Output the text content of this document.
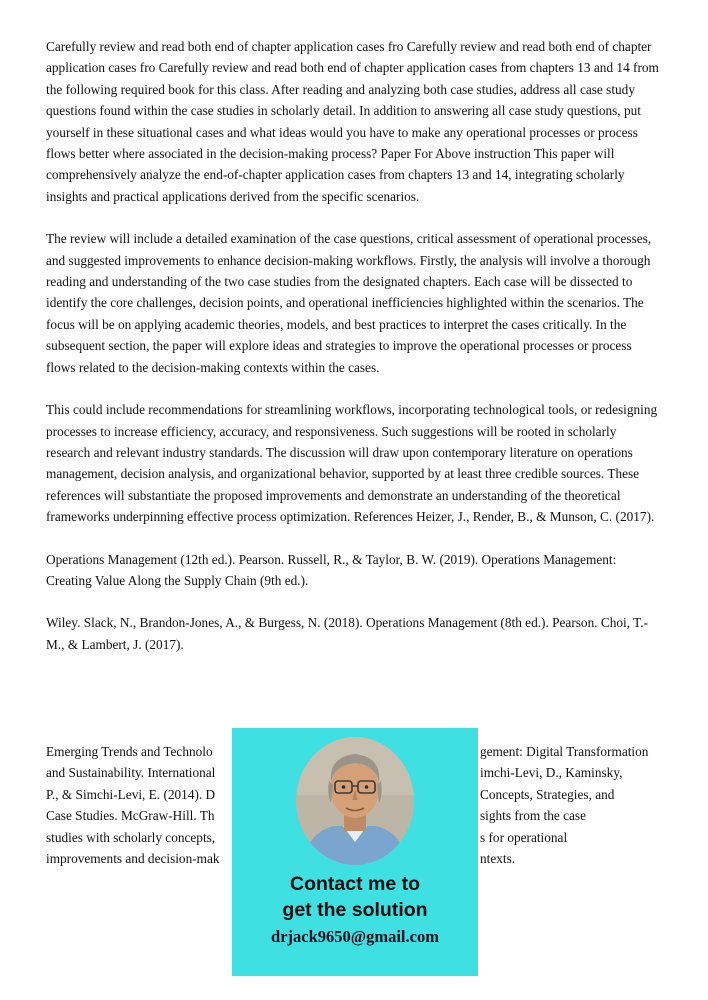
Carefully review and read both end of chapter application cases fro Carefully review and read both end of chapter application cases fro Carefully review and read both end of chapter application cases from chapters 13 and 14 from the following required book for this class. After reading and analyzing both case studies, address all case study questions found within the case studies in scholarly detail. In addition to answering all case study questions, put yourself in these situational cases and what ideas would you have to make any operational processes or process flows better where associated in the decision-making process? Paper For Above instruction This paper will comprehensively analyze the end-of-chapter application cases from chapters 13 and 14, integrating scholarly insights and practical applications derived from the specific scenarios.

The review will include a detailed examination of the case questions, critical assessment of operational processes, and suggested improvements to enhance decision-making workflows. Firstly, the analysis will involve a thorough reading and understanding of the two case studies from the designated chapters. Each case will be dissected to identify the core challenges, decision points, and operational inefficiencies highlighted within the scenarios. The focus will be on applying academic theories, models, and best practices to interpret the cases critically. In the subsequent section, the paper will explore ideas and strategies to improve the operational processes or process flows related to the decision-making contexts within the cases.

This could include recommendations for streamlining workflows, incorporating technological tools, or redesigning processes to increase efficiency, accuracy, and responsiveness. Such suggestions will be rooted in scholarly research and relevant industry standards. The discussion will draw upon contemporary literature on operations management, decision analysis, and organizational behavior, supported by at least three credible sources. These references will substantiate the proposed improvements and demonstrate an understanding of the theoretical frameworks underpinning effective process optimization. References Heizer, J., Render, B., & Munson, C. (2017).

Operations Management (12th ed.). Pearson. Russell, R., & Taylor, B. W. (2019). Operations Management: Creating Value Along the Supply Chain (9th ed.).

Wiley. Slack, N., Brandon-Jones, A., & Burgess, N. (2018). Operations Management (8th ed.). Pearson. Choi, T.-M., & Lambert, J. (2017).

Emerging Trends and Technolo	gement: Digital Transformation
and Sustainability. International	imchi-Levi, D., Kaminsky,
P., & Simchi-Levi, E. (2014). D	Concepts, Strategies, and
Case Studies. McGraw-Hill. Th	sights from the case
studies with scholarly concepts,	s for operational
improvements and decision-mak	ntexts.
Contact me to
get the solution
drjack9650@gmail.com
